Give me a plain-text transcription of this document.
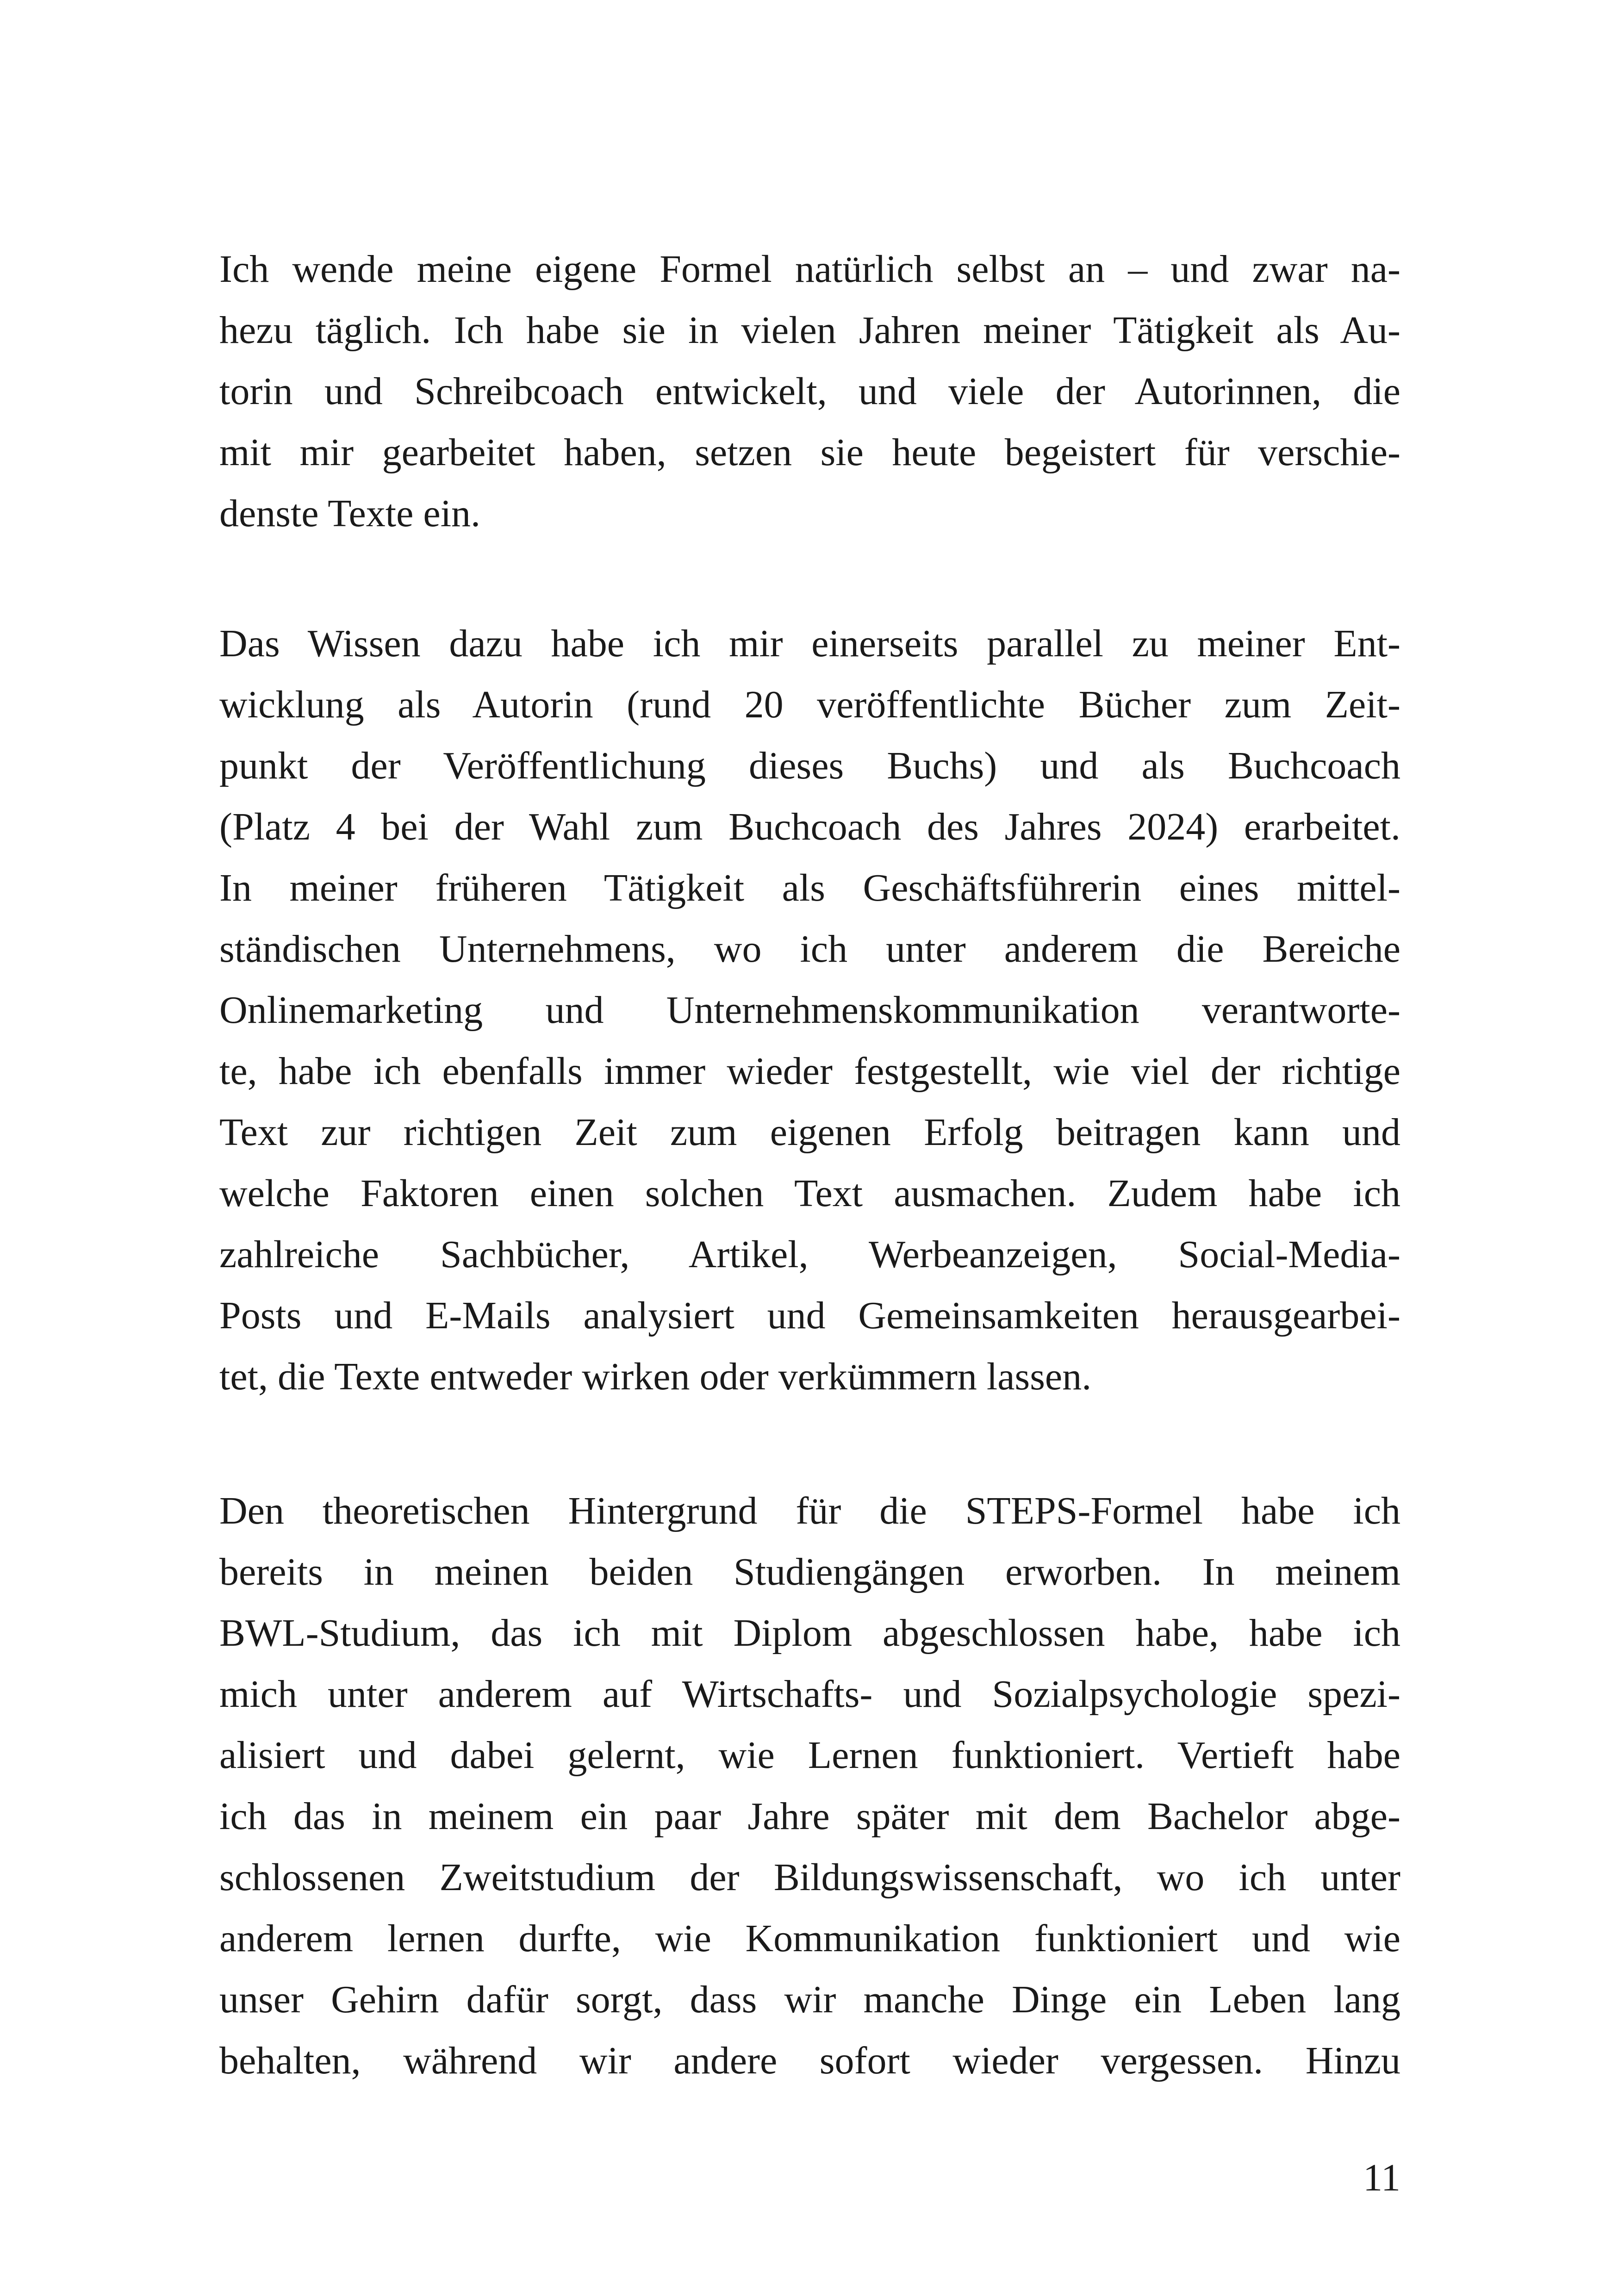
Ich wende meine eigene Formel natürlich selbst an – und zwar na-
hezu täglich. Ich habe sie in vielen Jahren meiner Tätigkeit als Au-
torin und Schreibcoach entwickelt, und viele der Autorinnen, die
mit mir gearbeitet haben, setzen sie heute begeistert für verschie-
denste Texte ein.
Das Wissen dazu habe ich mir einerseits parallel zu meiner Ent-
wicklung als Autorin (rund 20 veröffentlichte Bücher zum Zeit-
punkt der Veröffentlichung dieses Buchs) und als Buchcoach
(Platz 4 bei der Wahl zum Buchcoach des Jahres 2024) erarbeitet.
In meiner früheren Tätigkeit als Geschäftsführerin eines mittel-
ständischen Unternehmens, wo ich unter anderem die Bereiche
Onlinemarketing und Unternehmenskommunikation verantworte-
te, habe ich ebenfalls immer wieder festgestellt, wie viel der richtige
Text zur richtigen Zeit zum eigenen Erfolg beitragen kann und
welche Faktoren einen solchen Text ausmachen. Zudem habe ich
zahlreiche Sachbücher, Artikel, Werbeanzeigen, Social-Media-
Posts und E-Mails analysiert und Gemeinsamkeiten herausgearbei-
tet, die Texte entweder wirken oder verkümmern lassen.
Den theoretischen Hintergrund für die STEPS-Formel habe ich
bereits in meinen beiden Studiengängen erworben. In meinem
BWL-Studium, das ich mit Diplom abgeschlossen habe, habe ich
mich unter anderem auf Wirtschafts- und Sozialpsychologie spezi-
alisiert und dabei gelernt, wie Lernen funktioniert. Vertieft habe
ich das in meinem ein paar Jahre später mit dem Bachelor abge-
schlossenen Zweitstudium der Bildungswissenschaft, wo ich unter
anderem lernen durfte, wie Kommunikation funktioniert und wie
unser Gehirn dafür sorgt, dass wir manche Dinge ein Leben lang
behalten, während wir andere sofort wieder vergessen. Hinzu
11
